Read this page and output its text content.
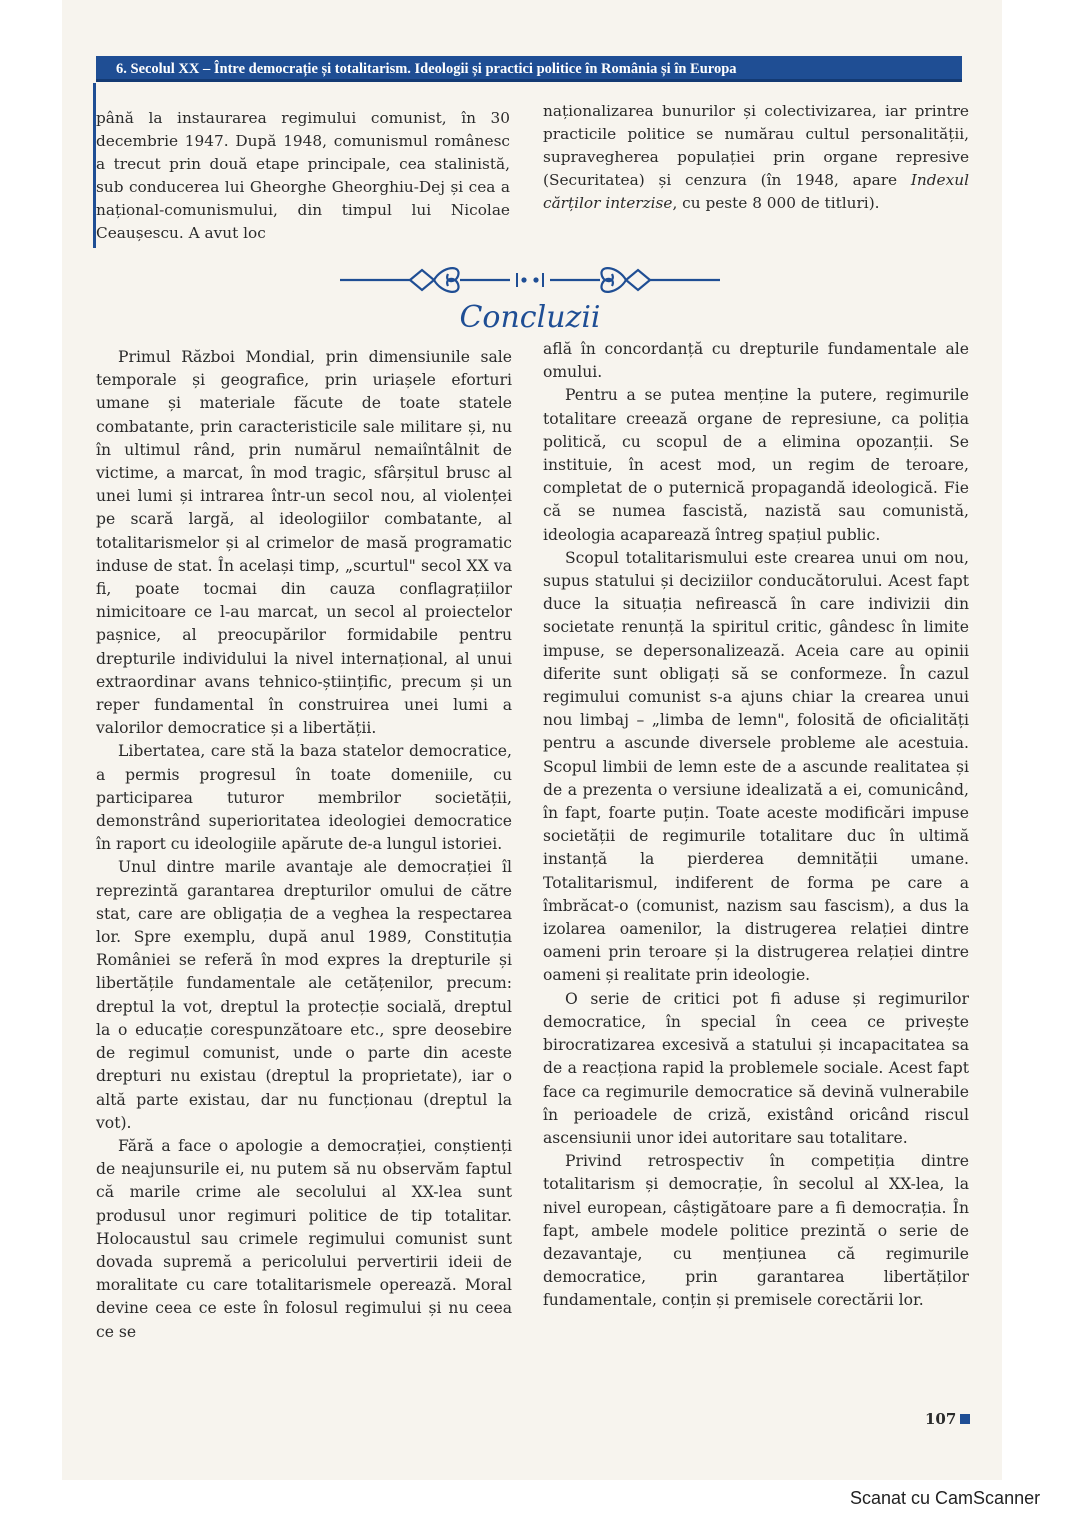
6. Secolul XX – Între democrație și totalitarism. Ideologii și practici politice în România și în Europa

până la instaurarea regimului comunist, în 30 decembrie 1947. După 1948, comunismul românesc a trecut prin două etape principale, cea stalinistă, sub conducerea lui Gheorghe Gheorghiu-Dej și cea a național-comunismului, din timpul lui Nicolae Ceaușescu. A avut loc

naționalizarea bunurilor și colectivizarea, iar printre practicile politice se numărau cultul personalității, supravegherea populației prin organe represive (Securitatea) și cenzura (în 1948, apare Indexul cărților interzise, cu peste 8 000 de titluri).

Concluzii

Primul Război Mondial, prin dimensiunile sale temporale și geografice, prin uriașele eforturi umane și materiale făcute de toate statele combatante, prin caracteristicile sale militare și, nu în ultimul rând, prin numărul nemaiîntâlnit de victime, a marcat, în mod tragic, sfârșitul brusc al unei lumi și intrarea într-un secol nou, al violenței pe scară largă, al ideologiilor combatante, al totalitarismelor și al crimelor de masă programatic induse de stat. În același timp, „scurtul" secol XX va fi, poate tocmai din cauza conflagrațiilor nimicitoare ce l-au marcat, un secol al proiectelor pașnice, al preocupărilor formidabile pentru drepturile individului la nivel internațional, al unui extraordinar avans tehnico-științific, precum și un reper fundamental în construirea unei lumi a valorilor democratice și a libertății.

Libertatea, care stă la baza statelor democratice, a permis progresul în toate domeniile, cu participarea tuturor membrilor societății, demonstrând superioritatea ideologiei democratice în raport cu ideologiile apărute de-a lungul istoriei.

Unul dintre marile avantaje ale democrației îl reprezintă garantarea drepturilor omului de către stat, care are obligația de a veghea la respectarea lor. Spre exemplu, după anul 1989, Constituția României se referă în mod expres la drepturile și libertățile fundamentale ale cetățenilor, precum: dreptul la vot, dreptul la protecție socială, dreptul la o educație corespunzătoare etc., spre deosebire de regimul comunist, unde o parte din aceste drepturi nu existau (dreptul la proprietate), iar o altă parte existau, dar nu funcționau (dreptul la vot).

Fără a face o apologie a democrației, conștienți de neajunsurile ei, nu putem să nu observăm faptul că marile crime ale secolului al XX-lea sunt produsul unor regimuri politice de tip totalitar. Holocaustul sau crimele regimului comunist sunt dovada supremă a pericolului pervertirii ideii de moralitate cu care totalitarismele operează. Moral devine ceea ce este în folosul regimului și nu ceea ce se

află în concordanță cu drepturile fundamentale ale omului.

Pentru a se putea menține la putere, regimurile totalitare creează organe de represiune, ca poliția politică, cu scopul de a elimina opozanții. Se instituie, în acest mod, un regim de teroare, completat de o puternică propagandă ideologică. Fie că se numea fascistă, nazistă sau comunistă, ideologia acaparează întreg spațiul public.

Scopul totalitarismului este crearea unui om nou, supus statului și deciziilor conducătorului. Acest fapt duce la situația nefirească în care indivizii din societate renunță la spiritul critic, gândesc în limite impuse, se depersonalizează. Aceia care au opinii diferite sunt obligați să se conformeze. În cazul regimului comunist s-a ajuns chiar la crearea unui nou limbaj – „limba de lemn", folosită de oficialități pentru a ascunde diversele probleme ale acestuia. Scopul limbii de lemn este de a ascunde realitatea și de a prezenta o versiune idealizată a ei, comunicând, în fapt, foarte puțin. Toate aceste modificări impuse societății de regimurile totalitare duc în ultimă instanță la pierderea demnității umane. Totalitarismul, indiferent de forma pe care a îmbrăcat-o (comunist, nazism sau fascism), a dus la izolarea oamenilor, la distrugerea relației dintre oameni prin teroare și la distrugerea relației dintre oameni și realitate prin ideologie.

O serie de critici pot fi aduse și regimurilor democratice, în special în ceea ce privește birocratizarea excesivă a statului și incapacitatea sa de a reacționa rapid la problemele sociale. Acest fapt face ca regimurile democratice să devină vulnerabile în perioadele de criză, existând oricând riscul ascensiunii unor idei autoritare sau totalitare.

Privind retrospectiv în competiția dintre totalitarism și democrație, în secolul al XX-lea, la nivel european, câștigătoare pare a fi democrația. În fapt, ambele modele politice prezintă o serie de dezavantaje, cu mențiunea că regimurile democratice, prin garantarea libertăților fundamentale, conțin și premisele corectării lor.

107
Scanat cu CamScanner
